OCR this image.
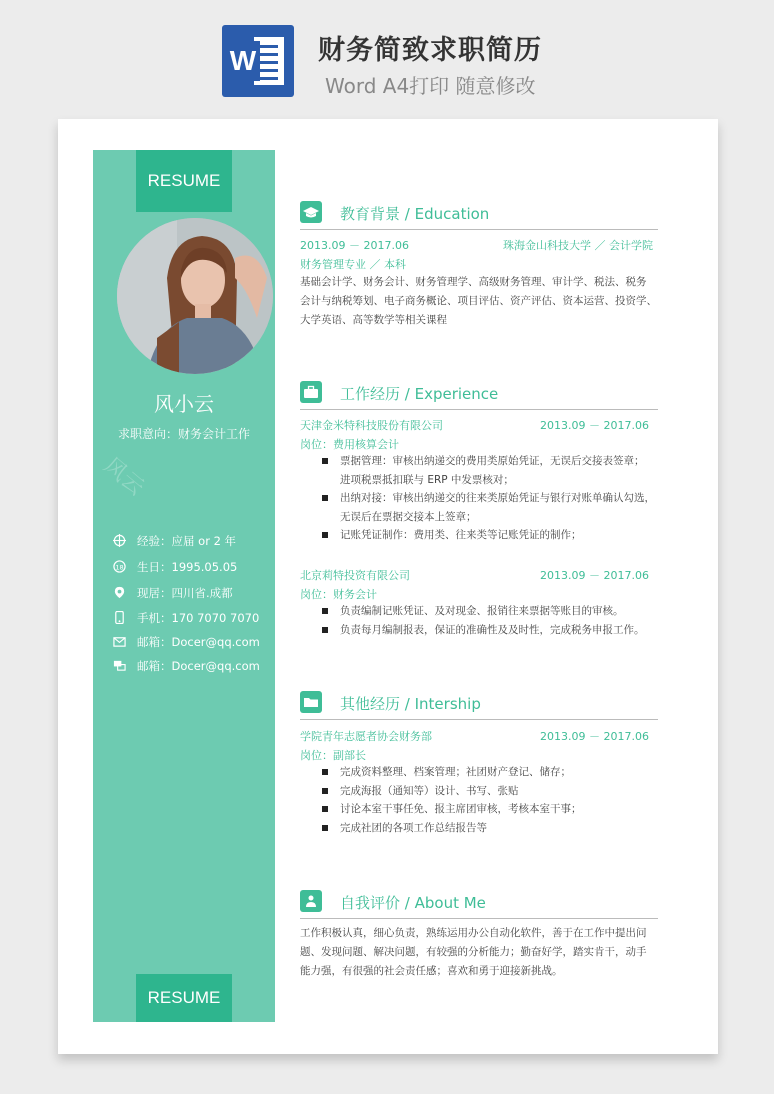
W 财务简致求职简历
Word A4打印 随意修改
RESUME
风小云
求职意向：财务会计工作
风云
经验：应届 or 2 年
18 生日：1995.05.05
现居：四川省.成都
手机：170 7070 7070
邮箱：Docer@qq.com
邮箱：Docer@qq.com
RESUME
教育背景 / Education
2013.09 － 2017.06	珠海金山科技大学 ／ 会计学院
财务管理专业 ／ 本科
基础会计学、财务会计、财务管理学、高级财务管理、审计学、税法、税务
会计与纳税筹划、电子商务概论、项目评估、资产评估、资本运营、投资学、
大学英语、高等数学等相关课程
工作经历 / Experience
天津金米特科技股份有限公司	2013.09 － 2017.06
岗位：费用核算会计
票据管理：审核出纳递交的费用类原始凭证，无误后交接表签章；
进项税票抵扣联与 ERP 中发票核对；
出纳对接：审核出纳递交的往来类原始凭证与银行对账单确认勾选，
无误后在票据交接本上签章；
记账凭证制作：费用类、往来类等记账凭证的制作；
北京莉特投资有限公司	2013.09 － 2017.06
岗位：财务会计
负责编制记账凭证、及对现金、报销往来票据等账目的审核。
负责每月编制报表，保证的准确性及及时性，完成税务申报工作。
其他经历 / Intership
学院青年志愿者协会财务部	2013.09 － 2017.06
岗位：副部长
完成资料整理、档案管理；社团财产登记、储存；
完成海报（通知等）设计、书写、张贴
讨论本室干事任免、报主席团审核，考核本室干事；
完成社团的各项工作总结报告等
自我评价 / About Me
工作积极认真，细心负责，熟练运用办公自动化软件，善于在工作中提出问
题、发现问题、解决问题，有较强的分析能力；勤奋好学，踏实肯干，动手
能力强，有很强的社会责任感；喜欢和勇于迎接新挑战。
